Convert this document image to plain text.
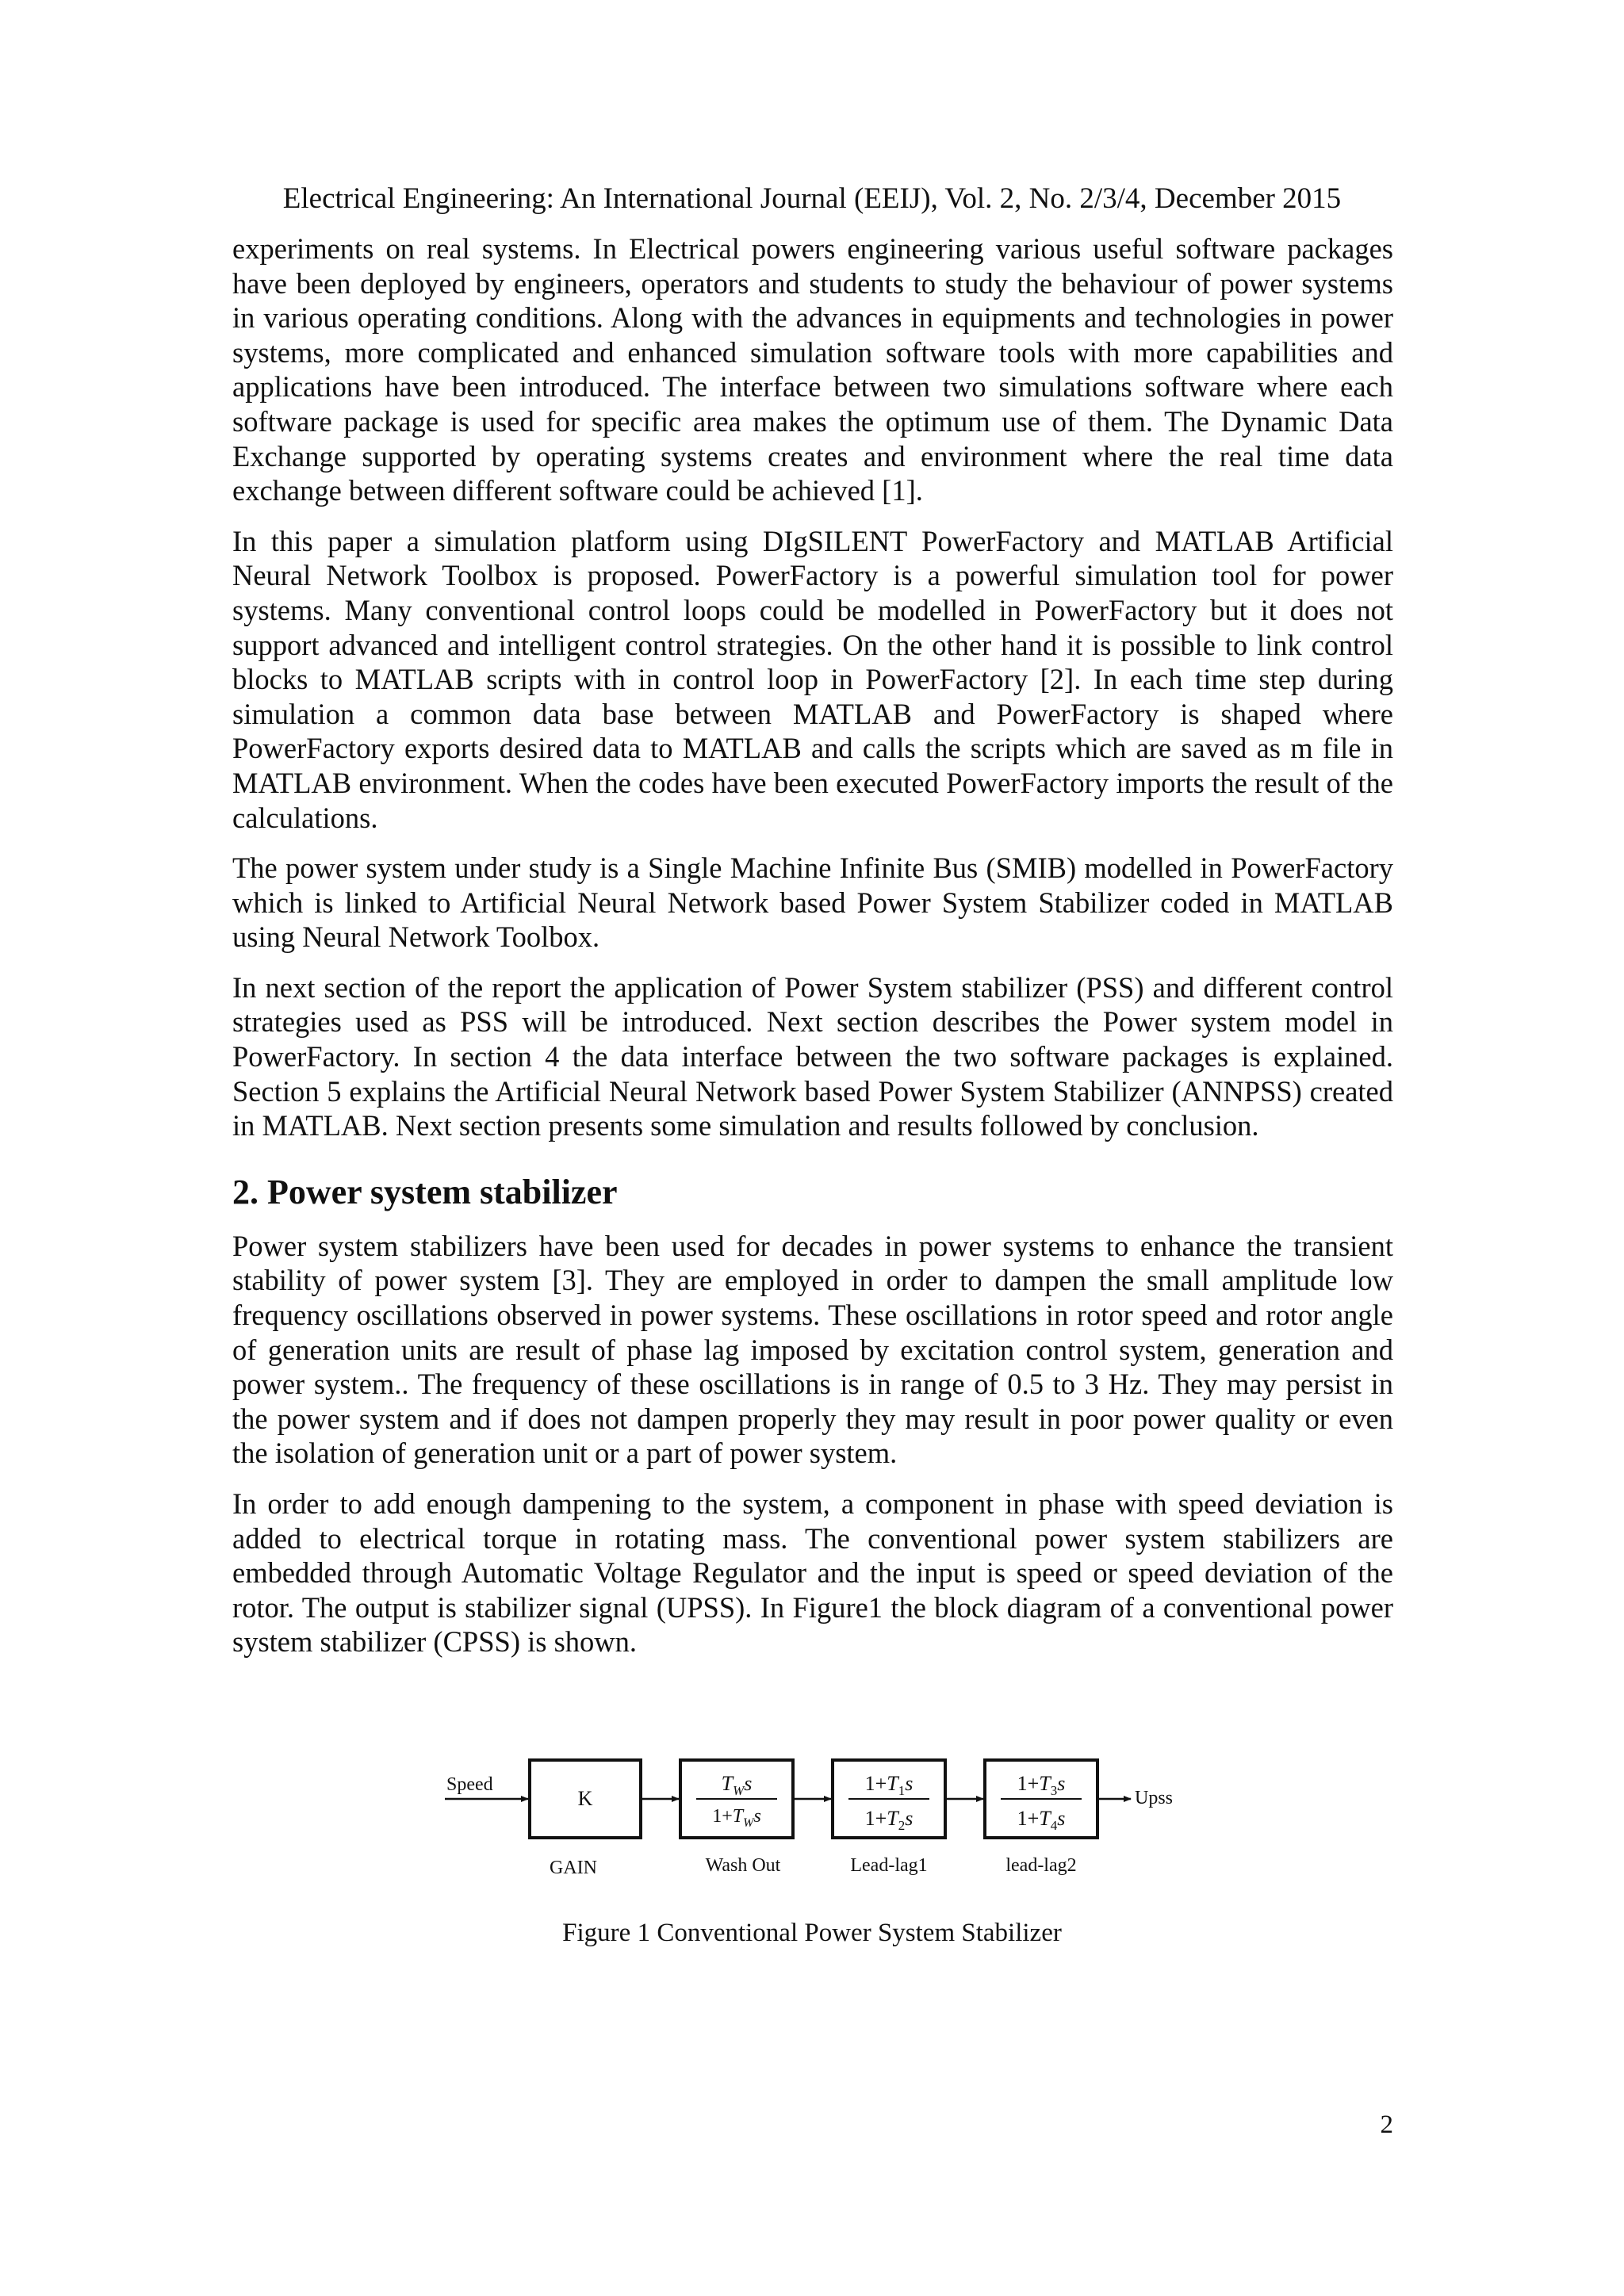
Electrical Engineering: An International Journal (EEIJ), Vol. 2, No. 2/3/4, December 2015

experiments on real systems. In Electrical powers engineering various useful software packages have been deployed by engineers, operators and students to study the behaviour of power systems in various operating conditions. Along with the advances in equipments and technologies in power systems, more complicated and enhanced simulation software tools with more capabilities and applications have been introduced. The interface between two simulations software where each software package is used for specific area makes the optimum use of them. The Dynamic Data Exchange supported by operating systems creates and environment where the real time data exchange between different software could be achieved [1].

In this paper a simulation platform using DIgSILENT PowerFactory and MATLAB Artificial Neural Network Toolbox is proposed. PowerFactory is a powerful simulation tool for power systems. Many conventional control loops could be modelled in PowerFactory but it does not support advanced and intelligent control strategies. On the other hand it is possible to link control blocks to MATLAB scripts with in control loop in PowerFactory [2]. In each time step during simulation a common data base between MATLAB and PowerFactory is shaped where PowerFactory exports desired data to MATLAB and calls the scripts which are saved as m file in MATLAB environment. When the codes have been executed PowerFactory imports the result of the calculations.

The power system under study is a Single Machine Infinite Bus (SMIB) modelled in PowerFactory which is linked to Artificial Neural Network based Power System Stabilizer coded in MATLAB using Neural Network Toolbox.

In next section of the report the application of Power System stabilizer (PSS) and different control strategies used as PSS will be introduced. Next section describes the Power system model in PowerFactory. In section 4 the data interface between the two software packages is explained. Section 5 explains the Artificial Neural Network based Power System Stabilizer (ANNPSS) created in MATLAB. Next section presents some simulation and results followed by conclusion.

2. Power system stabilizer

Power system stabilizers have been used for decades in power systems to enhance the transient stability of power system [3]. They are employed in order to dampen the small amplitude low frequency oscillations observed in power systems. These oscillations in rotor speed and rotor angle of generation units are result of phase lag imposed by excitation control system, generation and power system.. The frequency of these oscillations is in range of 0.5 to 3 Hz. They may persist in the power system and if does not dampen properly they may result in poor power quality or even the isolation of generation unit or a part of power system.

In order to add enough dampening to the system, a component in phase with speed deviation is added to electrical torque in rotating mass. The conventional power system stabilizers are embedded through Automatic Voltage Regulator and the input is speed or speed deviation of the rotor. The output is stabilizer signal (UPSS). In Figure1 the block diagram of a conventional power system stabilizer (CPSS) is shown.

Speed
K
$T_Ws$
$1+T_Ws$
$1+T_1s$
$1+T_2s$
$1+T_3s$
$1+T_4s$
Upss
GAIN	Wash Out	Lead-lag1	lead-lag2
Figure 1 Conventional Power System Stabilizer
2
